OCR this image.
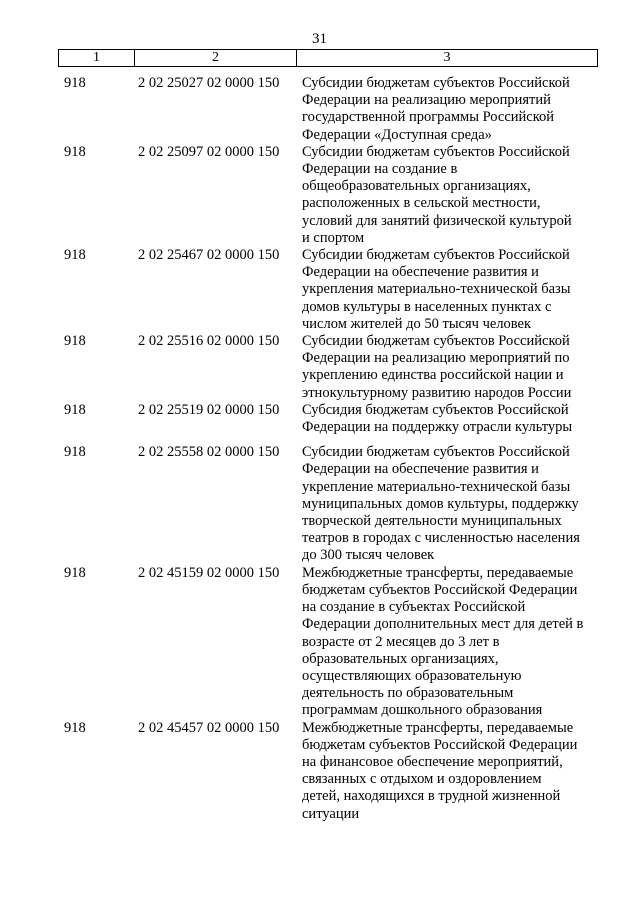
31
1	2	3
918	2 02 25027 02 0000 150 Субсидии бюджетам субъектов Российской
Федерации на реализацию мероприятий
государственной программы Российской
Федерации «Доступная среда»
918	2 02 25097 02 0000 150 Субсидии бюджетам субъектов Российской
Федерации на создание в
общеобразовательных организациях,
расположенных в сельской местности,
условий для занятий физической культурой
и спортом
918	2 02 25467 02 0000 150 Субсидии бюджетам субъектов Российской
Федерации на обеспечение развития и
укрепления материально-технической базы
домов культуры в населенных пунктах с
числом жителей до 50 тысяч человек
918	2 02 25516 02 0000 150 Субсидии бюджетам субъектов Российской
Федерации на реализацию мероприятий по
укреплению единства российской нации и
этнокультурному развитию народов России
918	2 02 25519 02 0000 150 Субсидия бюджетам субъектов Российской
Федерации на поддержку отрасли культуры
918	2 02 25558 02 0000 150 Субсидии бюджетам субъектов Российской
Федерации на обеспечение развития и
укрепление материально-технической базы
муниципальных домов культуры, поддержку
творческой деятельности муниципальных
театров в городах с численностью населения
до 300 тысяч человек
918	2 02 45159 02 0000 150 Межбюджетные трансферты, передаваемые
бюджетам субъектов Российской Федерации
на создание в субъектах Российской
Федерации дополнительных мест для детей в
возрасте от 2 месяцев до 3 лет в
образовательных организациях,
осуществляющих образовательную
деятельность по образовательным
программам дошкольного образования
918	2 02 45457 02 0000 150 Межбюджетные трансферты, передаваемые
бюджетам субъектов Российской Федерации
на финансовое обеспечение мероприятий,
связанных с отдыхом и оздоровлением
детей, находящихся в трудной жизненной
ситуации
